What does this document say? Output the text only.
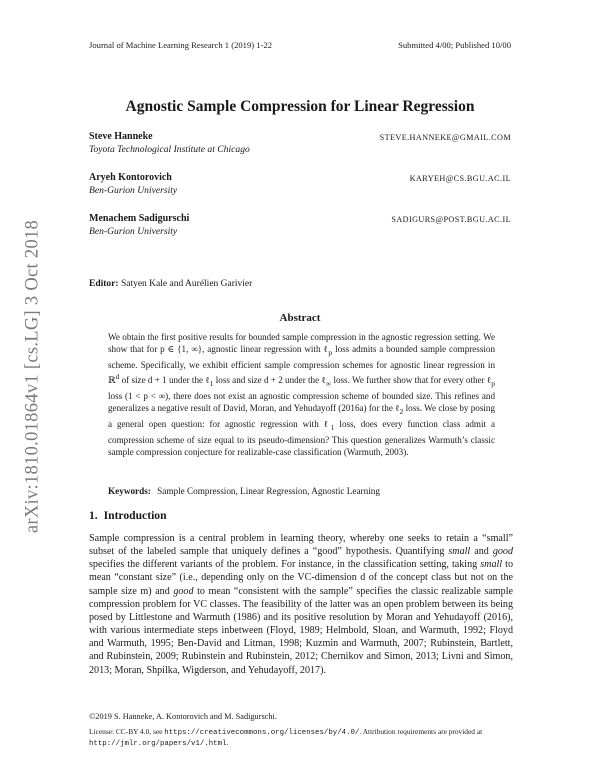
Journal of Machine Learning Research 1 (2019) 1-22	Submitted 4/00; Published 10/00
arXiv:1810.01864v1 [cs.LG] 3 Oct 2018
Agnostic Sample Compression for Linear Regression
Steve Hanneke	STEVE.HANNEKE@GMAIL.COM
Toyota Technological Institute at Chicago
Aryeh Kontorovich	KARYEH@CS.BGU.AC.IL
Ben-Gurion University
Menachem Sadigurschi	SADIGURS@POST.BGU.AC.IL
Ben-Gurion University
Editor: Satyen Kale and Aurélien Garivier
Abstract
We obtain the first positive results for bounded sample compression in the agnostic regression setting. We show that for p ∈ {1, ∞}, agnostic linear regression with ℓ$_p$ loss admits a bounded sample compression scheme. Specifically, we exhibit efficient sample compression schemes for agnostic linear regression in ℝ$^d$ of size d + 1 under the ℓ$_1$ loss and size d + 2 under the ℓ$_\infty$ loss. We further show that for every other ℓ$_p$ loss (1 < p < ∞), there does not exist an agnostic compression scheme of bounded size. This refines and generalizes a negative result of David, Moran, and Yehudayoff (2016a) for the ℓ$_2$ loss. We close by posing a general open question: for agnostic regression with ℓ$_1$ loss, does every function class admit a compression scheme of size equal to its pseudo-dimension? This question generalizes Warmuth’s classic sample compression conjecture for realizable-case classification (Warmuth, 2003).
Keywords: Sample Compression, Linear Regression, Agnostic Learning
1. Introduction
Sample compression is a central problem in learning theory, whereby one seeks to retain a “small” subset of the labeled sample that uniquely defines a “good” hypothesis. Quantifying small and good specifies the different variants of the problem. For instance, in the classification setting, taking small to mean “constant size” (i.e., depending only on the VC-dimension d of the concept class but not on the sample size m) and good to mean “consistent with the sample” specifies the classic realizable sample compression problem for VC classes. The feasibility of the latter was an open problem between its being posed by Littlestone and Warmuth (1986) and its positive resolution by Moran and Yehudayoff (2016), with various intermediate steps inbetween (Floyd, 1989; Helmbold, Sloan, and Warmuth, 1992; Floyd and Warmuth, 1995; Ben-David and Litman, 1998; Kuzmin and Warmuth, 2007; Rubinstein, Bartlett, and Rubinstein, 2009; Rubinstein and Rubinstein, 2012; Chernikov and Simon, 2013; Livni and Simon, 2013; Moran, Shpilka, Wigderson, and Yehudayoff, 2017).
©2019 S. Hanneke, A. Kontorovich and M. Sadigurschi.
License: CC-BY 4.0, see https://creativecommons.org/licenses/by/4.0/. Attribution requirements are provided at http://jmlr.org/papers/v1/.html.
